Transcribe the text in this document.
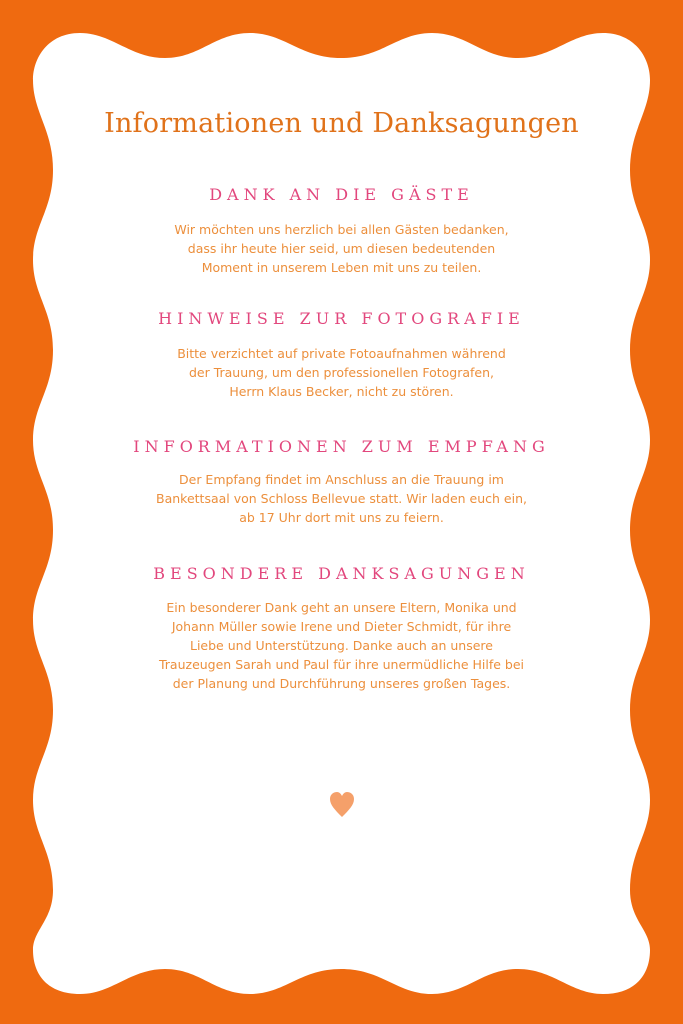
Informationen und Danksagungen
DANK AN DIE GÄSTE

Wir möchten uns herzlich bei allen Gästen bedanken,
dass ihr heute hier seid, um diesen bedeutenden
Moment in unserem Leben mit uns zu teilen.

HINWEISE ZUR FOTOGRAFIE

Bitte verzichtet auf private Fotoaufnahmen während
der Trauung, um den professionellen Fotografen,
Herrn Klaus Becker, nicht zu stören.

INFORMATIONEN ZUM EMPFANG

Der Empfang findet im Anschluss an die Trauung im
Bankettsaal von Schloss Bellevue statt. Wir laden euch ein,
ab 17 Uhr dort mit uns zu feiern.

BESONDERE DANKSAGUNGEN

Ein besonderer Dank geht an unsere Eltern, Monika und
Johann Müller sowie Irene und Dieter Schmidt, für ihre
Liebe und Unterstützung. Danke auch an unsere
Trauzeugen Sarah und Paul für ihre unermüdliche Hilfe bei
der Planung und Durchführung unseres großen Tages.
